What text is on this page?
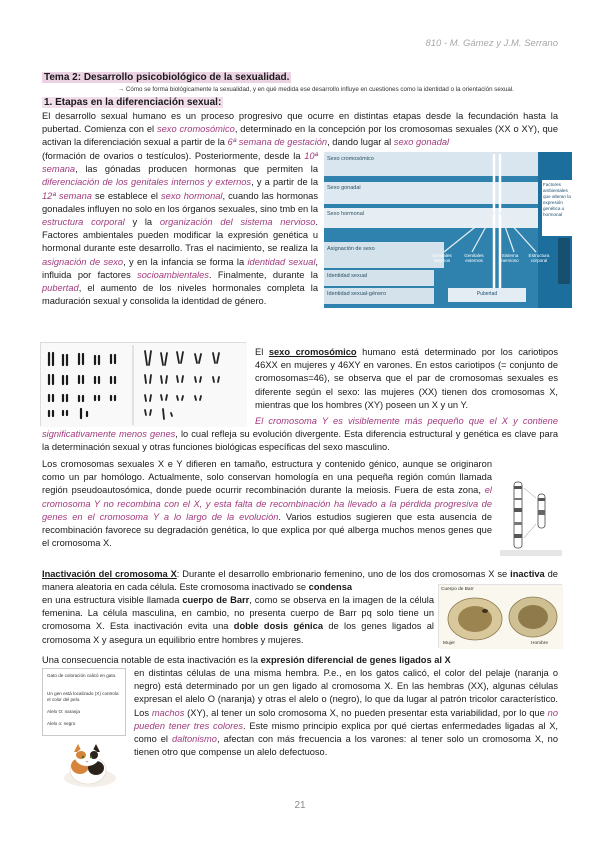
810 - M. Gámez y J.M. Serrano
Tema 2: Desarrollo psicobiológico de la sexualidad.
→ Cómo se forma biológicamente la sexualidad, y en qué medida ese desarrollo influye en cuestiones como la identidad o la orientación sexual.
1. Etapas en la diferenciación sexual:

El desarrollo sexual humano es un proceso progresivo que ocurre en distintas etapas desde la fecundación hasta la pubertad. Comienza con el sexo cromosómico, determinado en la concepción por los cromosomas sexuales (XX o XY), que activan la diferenciación sexual a partir de la 6ª semana de gestación, dando lugar al sexo gonadal

(formación de ovarios o testículos). Posteriormente, desde la 10ª semana, las gónadas producen hormonas que permiten la diferenciación de los genitales internos y externos, y a partir de la 12ª semana se establece el sexo hormonal, cuando las hormonas gonadales influyen no solo en los órganos sexuales, sino tmb en la estructura corporal y la organización del sistema nervioso. Factores ambientales pueden modificar la expresión genética u hormonal durante este desarrollo. Tras el nacimiento, se realiza la asignación de sexo, y en la infancia se forma la identidad sexual, influida por factores socioambientales. Finalmente, durante la pubertad, el aumento de los niveles hormonales completa la maduración sexual y consolida la identidad de género.

Sexo cromosómico
Sexo gonadal
Sexo hormonal
Asignación de sexo
Identidad sexual
Identidad sexual-género
Factores ambientales que alteran la expresión genética u hormonal
Genitales internos
Genitales externos
Sistema nervioso
Estructura corporal
Pubertad

El sexo cromosómico humano está determinado por los cariotipos 46XX en mujeres y 46XY en varones. En estos cariotipos (= conjunto de cromosomas=46), se observa que el par de cromosomas sexuales es diferente según el sexo: las mujeres (XX) tienen dos cromosomas X, mientras que los hombres (XY) poseen un X y un Y.

El cromosoma Y es visiblemente más pequeño que el X y contiene significativamente menos genes, lo cual refleja su evolución divergente. Esta diferencia estructural y genética es clave para la determinación sexual y otras funciones biológicas específicas del sexo masculino.

Los cromosomas sexuales X e Y difieren en tamaño, estructura y contenido génico, aunque se originaron como un par homólogo. Actualmente, solo conservan homología en una pequeña región común llamada región pseudoautosómica, donde puede ocurrir recombinación durante la meiosis. Fuera de esta zona, el cromosoma Y no recombina con el X, y esta falta de recombinación ha llevado a la pérdida progresiva de genes en el cromosoma Y a lo largo de la evolución. Varios estudios sugieren que esta ausencia de recombinación favorece su degradación genética, lo que explica por qué alberga muchos menos genes que el cromosoma X.

Inactivación del cromosoma X: Durante el desarrollo embrionario femenino, uno de los dos cromosomas X se inactiva de manera aleatoria en cada célula. Este cromosoma inactivado se condensa

en una estructura visible llamada cuerpo de Barr, como se observa en la imagen de la célula femenina. La célula masculina, en cambio, no presenta cuerpo de Barr pq solo tiene un cromosoma X. Esta inactivación evita una doble dosis génica de los genes ligados al cromosoma X y asegura un equilibrio entre hombres y mujeres.

Cuerpo de Barr
Mujer	Hombre

Una consecuencia notable de esta inactivación es la expresión diferencial de genes ligados al X

en distintas células de una misma hembra. P.e., en los gatos calicó, el color del pelaje (naranja o negro) está determinado por un gen ligado al cromosoma X. En las hembras (XX), algunas células expresan el alelo O (naranja) y otras el alelo o (negro), lo que da lugar al patrón tricolor característico. Los machos (XY), al tener un solo cromosoma X, no pueden presentar esta variabilidad, por lo que no pueden tener tres colores. Este mismo principio explica por qué ciertas enfermedades ligadas al X, como el daltonismo, afectan con más frecuencia a los varones: al tener solo un cromosoma X, no tienen otro que compense un alelo defectuoso.

Gato de coloración calicó en gato.
Un gen está localizado (X) controla el color del pelo.
Alelo O: naranja
Alelo o: negro
21
